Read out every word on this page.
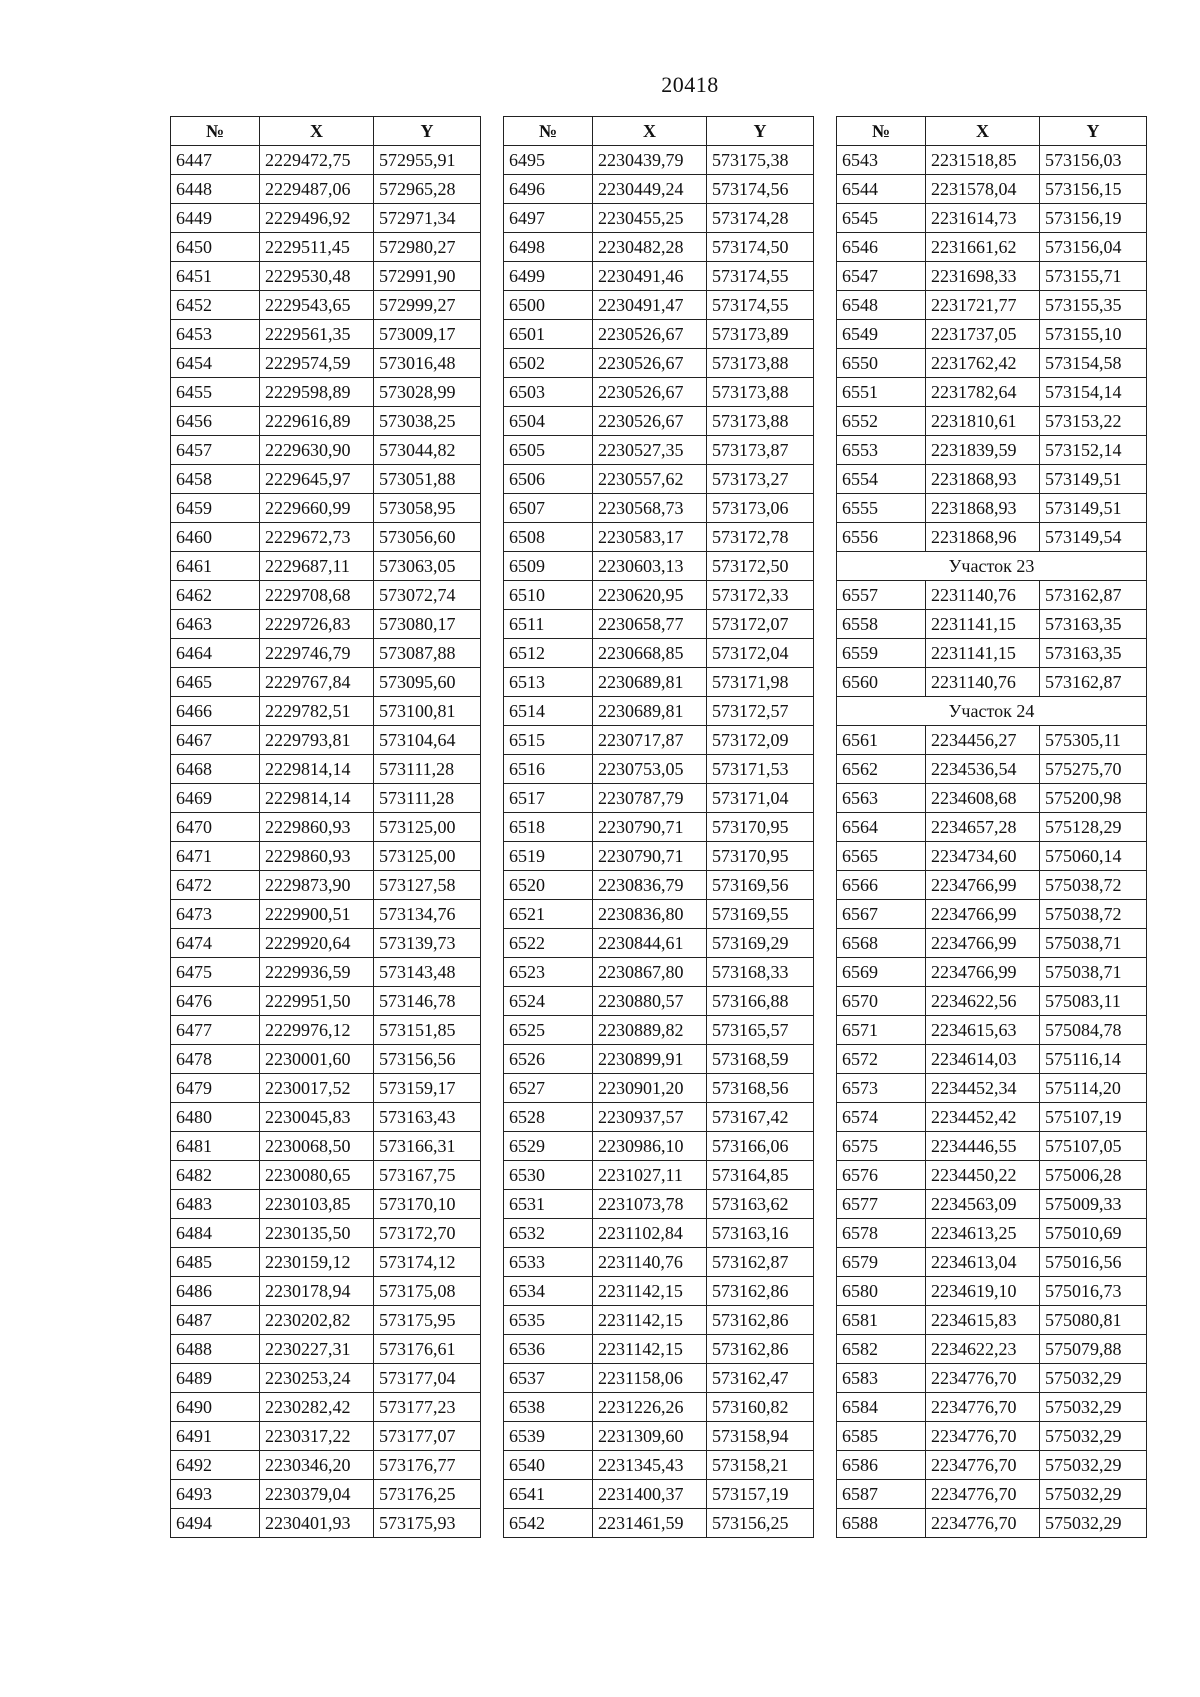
20418
№	X	Y
6447	2229472,75	572955,91
6448	2229487,06	572965,28
6449	2229496,92	572971,34
6450	2229511,45	572980,27
6451	2229530,48	572991,90
6452	2229543,65	572999,27
6453	2229561,35	573009,17
6454	2229574,59	573016,48
6455	2229598,89	573028,99
6456	2229616,89	573038,25
6457	2229630,90	573044,82
6458	2229645,97	573051,88
6459	2229660,99	573058,95
6460	2229672,73	573056,60
6461	2229687,11	573063,05
6462	2229708,68	573072,74
6463	2229726,83	573080,17
6464	2229746,79	573087,88
6465	2229767,84	573095,60
6466	2229782,51	573100,81
6467	2229793,81	573104,64
6468	2229814,14	573111,28
6469	2229814,14	573111,28
6470	2229860,93	573125,00
6471	2229860,93	573125,00
6472	2229873,90	573127,58
6473	2229900,51	573134,76
6474	2229920,64	573139,73
6475	2229936,59	573143,48
6476	2229951,50	573146,78
6477	2229976,12	573151,85
6478	2230001,60	573156,56
6479	2230017,52	573159,17
6480	2230045,83	573163,43
6481	2230068,50	573166,31
6482	2230080,65	573167,75
6483	2230103,85	573170,10
6484	2230135,50	573172,70
6485	2230159,12	573174,12
6486	2230178,94	573175,08
6487	2230202,82	573175,95
6488	2230227,31	573176,61
6489	2230253,24	573177,04
6490	2230282,42	573177,23
6491	2230317,22	573177,07
6492	2230346,20	573176,77
6493	2230379,04	573176,25
6494	2230401,93	573175,93
№	X	Y
6495	2230439,79	573175,38
6496	2230449,24	573174,56
6497	2230455,25	573174,28
6498	2230482,28	573174,50
6499	2230491,46	573174,55
6500	2230491,47	573174,55
6501	2230526,67	573173,89
6502	2230526,67	573173,88
6503	2230526,67	573173,88
6504	2230526,67	573173,88
6505	2230527,35	573173,87
6506	2230557,62	573173,27
6507	2230568,73	573173,06
6508	2230583,17	573172,78
6509	2230603,13	573172,50
6510	2230620,95	573172,33
6511	2230658,77	573172,07
6512	2230668,85	573172,04
6513	2230689,81	573171,98
6514	2230689,81	573172,57
6515	2230717,87	573172,09
6516	2230753,05	573171,53
6517	2230787,79	573171,04
6518	2230790,71	573170,95
6519	2230790,71	573170,95
6520	2230836,79	573169,56
6521	2230836,80	573169,55
6522	2230844,61	573169,29
6523	2230867,80	573168,33
6524	2230880,57	573166,88
6525	2230889,82	573165,57
6526	2230899,91	573168,59
6527	2230901,20	573168,56
6528	2230937,57	573167,42
6529	2230986,10	573166,06
6530	2231027,11	573164,85
6531	2231073,78	573163,62
6532	2231102,84	573163,16
6533	2231140,76	573162,87
6534	2231142,15	573162,86
6535	2231142,15	573162,86
6536	2231142,15	573162,86
6537	2231158,06	573162,47
6538	2231226,26	573160,82
6539	2231309,60	573158,94
6540	2231345,43	573158,21
6541	2231400,37	573157,19
6542	2231461,59	573156,25
№	X	Y
6543	2231518,85	573156,03
6544	2231578,04	573156,15
6545	2231614,73	573156,19
6546	2231661,62	573156,04
6547	2231698,33	573155,71
6548	2231721,77	573155,35
6549	2231737,05	573155,10
6550	2231762,42	573154,58
6551	2231782,64	573154,14
6552	2231810,61	573153,22
6553	2231839,59	573152,14
6554	2231868,93	573149,51
6555	2231868,93	573149,51
6556	2231868,96	573149,54
Участок 23		
6557	2231140,76	573162,87
6558	2231141,15	573163,35
6559	2231141,15	573163,35
6560	2231140,76	573162,87
Участок 24		
6561	2234456,27	575305,11
6562	2234536,54	575275,70
6563	2234608,68	575200,98
6564	2234657,28	575128,29
6565	2234734,60	575060,14
6566	2234766,99	575038,72
6567	2234766,99	575038,72
6568	2234766,99	575038,71
6569	2234766,99	575038,71
6570	2234622,56	575083,11
6571	2234615,63	575084,78
6572	2234614,03	575116,14
6573	2234452,34	575114,20
6574	2234452,42	575107,19
6575	2234446,55	575107,05
6576	2234450,22	575006,28
6577	2234563,09	575009,33
6578	2234613,25	575010,69
6579	2234613,04	575016,56
6580	2234619,10	575016,73
6581	2234615,83	575080,81
6582	2234622,23	575079,88
6583	2234776,70	575032,29
6584	2234776,70	575032,29
6585	2234776,70	575032,29
6586	2234776,70	575032,29
6587	2234776,70	575032,29
6588	2234776,70	575032,29
